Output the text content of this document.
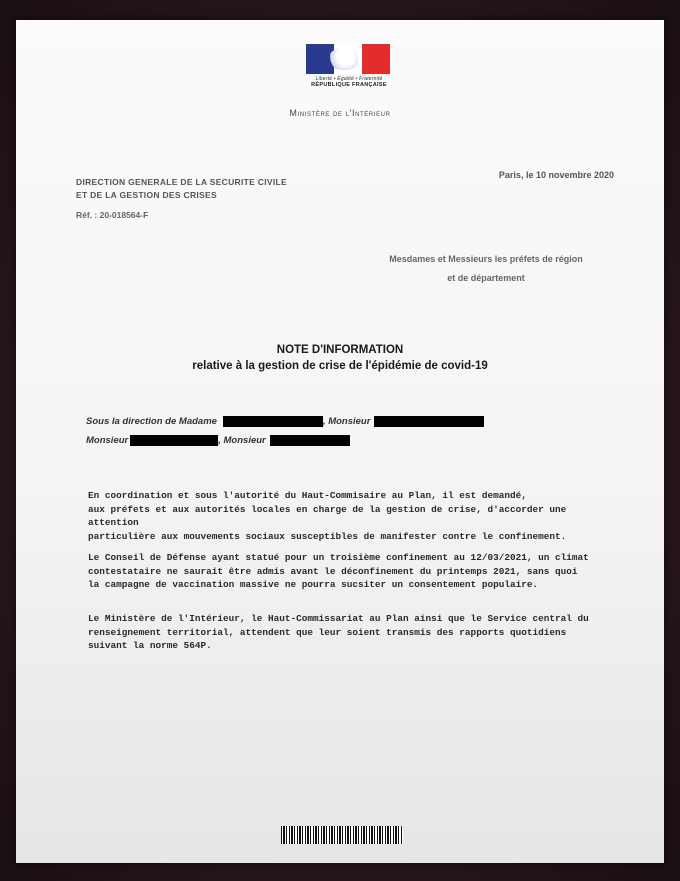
Liberté • Égalité • Fraternité
RÉPUBLIQUE FRANÇAISE
Ministère de l'Intérieur
DIRECTION GENERALE DE LA SECURITE CIVILE
ET DE LA GESTION DES CRISES
Réf. : 20-018564-F
Paris, le 10 novembre 2020
Mesdames et Messieurs les préfets de région
et de département
NOTE D'INFORMATION
relative à la gestion de crise de l'épidémie de covid-19
Sous la direction de Madame	, Monsieur
Monsieur	, Monsieur
En coordination et sous l'autorité du Haut-Commisaire au Plan, il est demandé,
aux préfets et aux autorités locales en charge de la gestion de crise, d'accorder une attention
particulière aux mouvements sociaux susceptibles de manifester contre le confinement.
Le Conseil de Défense ayant statué pour un troisième confinement au 12/03/2021, un climat
contestataire ne saurait être admis avant le déconfinement du printemps 2021, sans quoi
la campagne de vaccination massive ne pourra sucsiter un consentement populaire.
Le Ministère de l'Intérieur, le Haut-Commissariat au Plan ainsi que le Service central du
renseignement territorial, attendent que leur soient transmis des rapports quotidiens
suivant la norme 564P.
